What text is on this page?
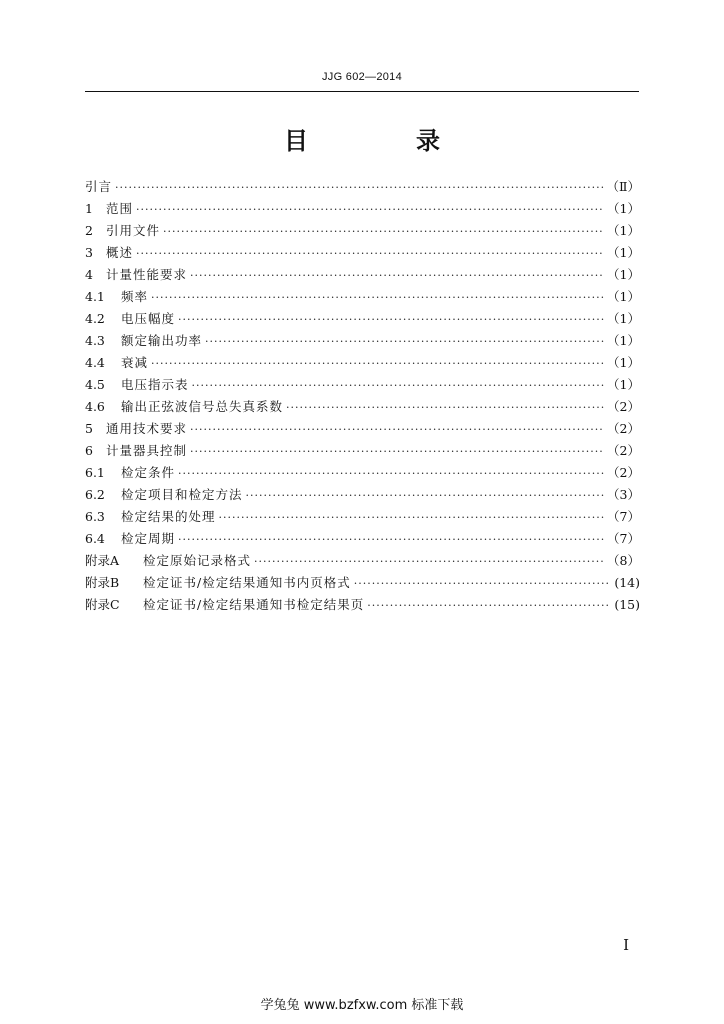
JJG 602—2014
目　录
引言 ·····	（Ⅱ）
1	范围 ·····	（1）
2	引用文件 ·····	（1）
3	概述 ·····	（1）
4	计量性能要求 ·····	（1）
4.1	频率 ·····	（1）
4.2	电压幅度 ·····	（1）
4.3	额定输出功率 ·····	（1）
4.4	衰减 ·····	（1）
4.5	电压指示表 ·····	（1）
4.6	输出正弦波信号总失真系数 ·····	（2）
5	通用技术要求 ·····	（2）
6	计量器具控制 ·····	（2）
6.1	检定条件 ·····	（2）
6.2	检定项目和检定方法 ·····	（3）
6.3	检定结果的处理 ·····	（7）
6.4	检定周期 ·····	（7）
附录A	检定原始记录格式 ·····	（8）
附录B	检定证书/检定结果通知书内页格式 ·····	(14)
附录C	检定证书/检定结果通知书检定结果页 ·····	(15)
I
学兔兔 www.bzfxw.com 标准下载
